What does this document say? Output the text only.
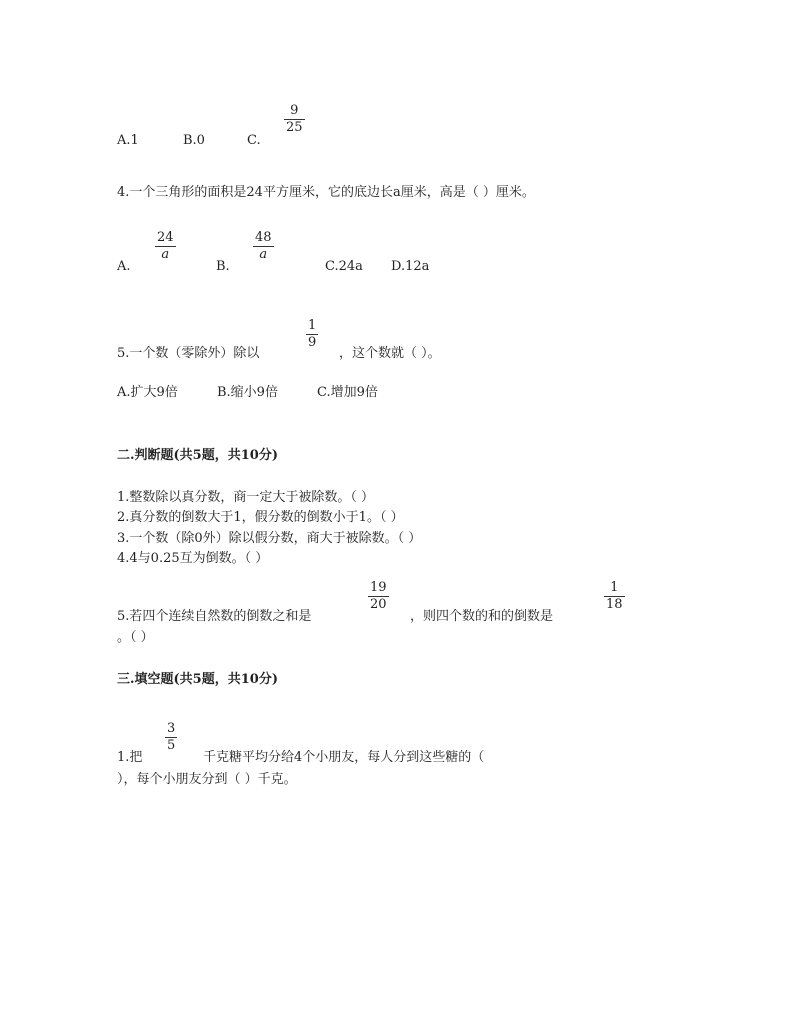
A.1	B.0	C.
9
25
4.一个三角形的面积是24平方厘米，它的底边长a厘米，高是（ ）厘米。
A.
24
a
B.
48
a
C.24a D.12a
5.一个数（零除外）除以
1
9
，这个数就（ ）。
A.扩大9倍	B.缩小9倍	C.增加9倍
二.判断题(共5题，共10分)
1.整数除以真分数，商一定大于被除数。（ ）
2.真分数的倒数大于1，假分数的倒数小于1。（ ）
3.一个数（除0外）除以假分数，商大于被除数。（ ）
4.4与0.25互为倒数。（ ）
5.若四个连续自然数的倒数之和是
19
20
，则四个数的和的倒数是
1
18
。（ ）
三.填空题(共5题，共10分)
1.把
3
5
千克糖平均分给4个小朋友，每人分到这些糖的（
），每个小朋友分到（ ）千克。
